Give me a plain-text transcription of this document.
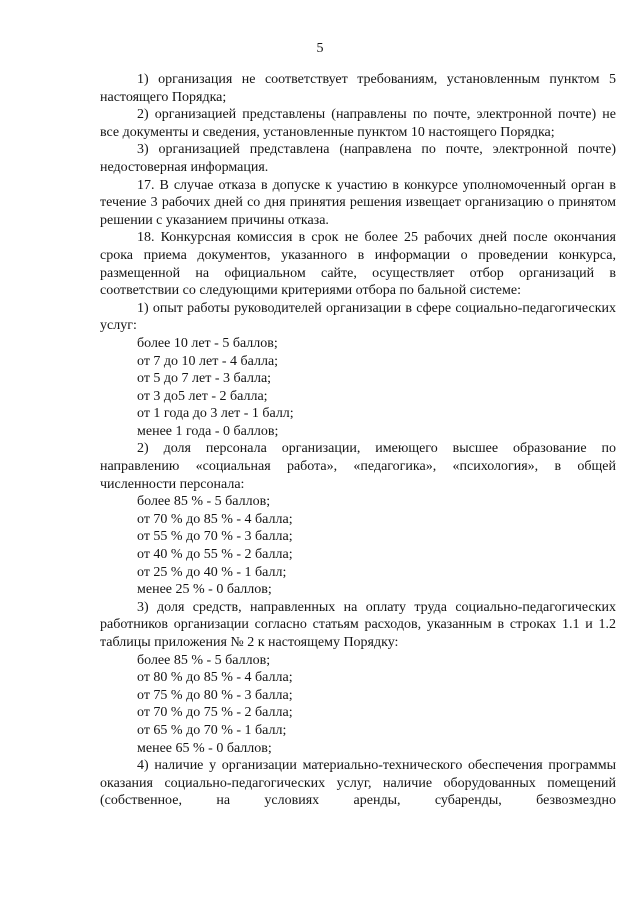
5

1) организация не соответствует требованиям, установленным пунктом 5 настоящего Порядка;

2) организацией представлены (направлены по почте, электронной почте) не все документы и сведения, установленные пунктом 10 настоящего Порядка;

3) организацией представлена (направлена по почте, электронной почте) недостоверная информация.

17. В случае отказа в допуске к участию в конкурсе уполномоченный орган в течение 3 рабочих дней со дня принятия решения извещает организацию о принятом решении с указанием причины отказа.

18. Конкурсная комиссия в срок не более 25 рабочих дней после окончания срока приема документов, указанного в информации о проведении конкурса, размещенной на официальном сайте, осуществляет отбор организаций в соответствии со следующими критериями отбора по бальной системе:

1) опыт работы руководителей организации в сфере социально-педагогических услуг:

более 10 лет - 5 баллов;

от 7 до 10 лет - 4 балла;

от 5 до 7 лет - 3 балла;

от 3 до5 лет - 2 балла;

от 1 года до 3 лет - 1 балл;

менее 1 года - 0 баллов;

2) доля персонала организации, имеющего высшее образование по направлению «социальная работа», «педагогика», «психология», в общей численности персонала:

более 85 % - 5 баллов;

от 70 % до 85 % - 4 балла;

от 55 % до 70 % - 3 балла;

от 40 % до 55 % - 2 балла;

от 25 % до 40 % - 1 балл;

менее 25 % - 0 баллов;

3) доля средств, направленных на оплату труда социально-педагогических работников организации согласно статьям расходов, указанным в строках 1.1 и 1.2 таблицы приложения № 2 к настоящему Порядку:

более 85 % - 5 баллов;

от 80 % до 85 % - 4 балла;

от 75 % до 80 % - 3 балла;

от 70 % до 75 % - 2 балла;

от 65 % до 70 % - 1 балл;

менее 65 % - 0 баллов;

4) наличие у организации материально-технического обеспечения программы оказания социально-педагогических услуг, наличие оборудованных помещений (собственное, на условиях аренды, субаренды, безвозмездно
